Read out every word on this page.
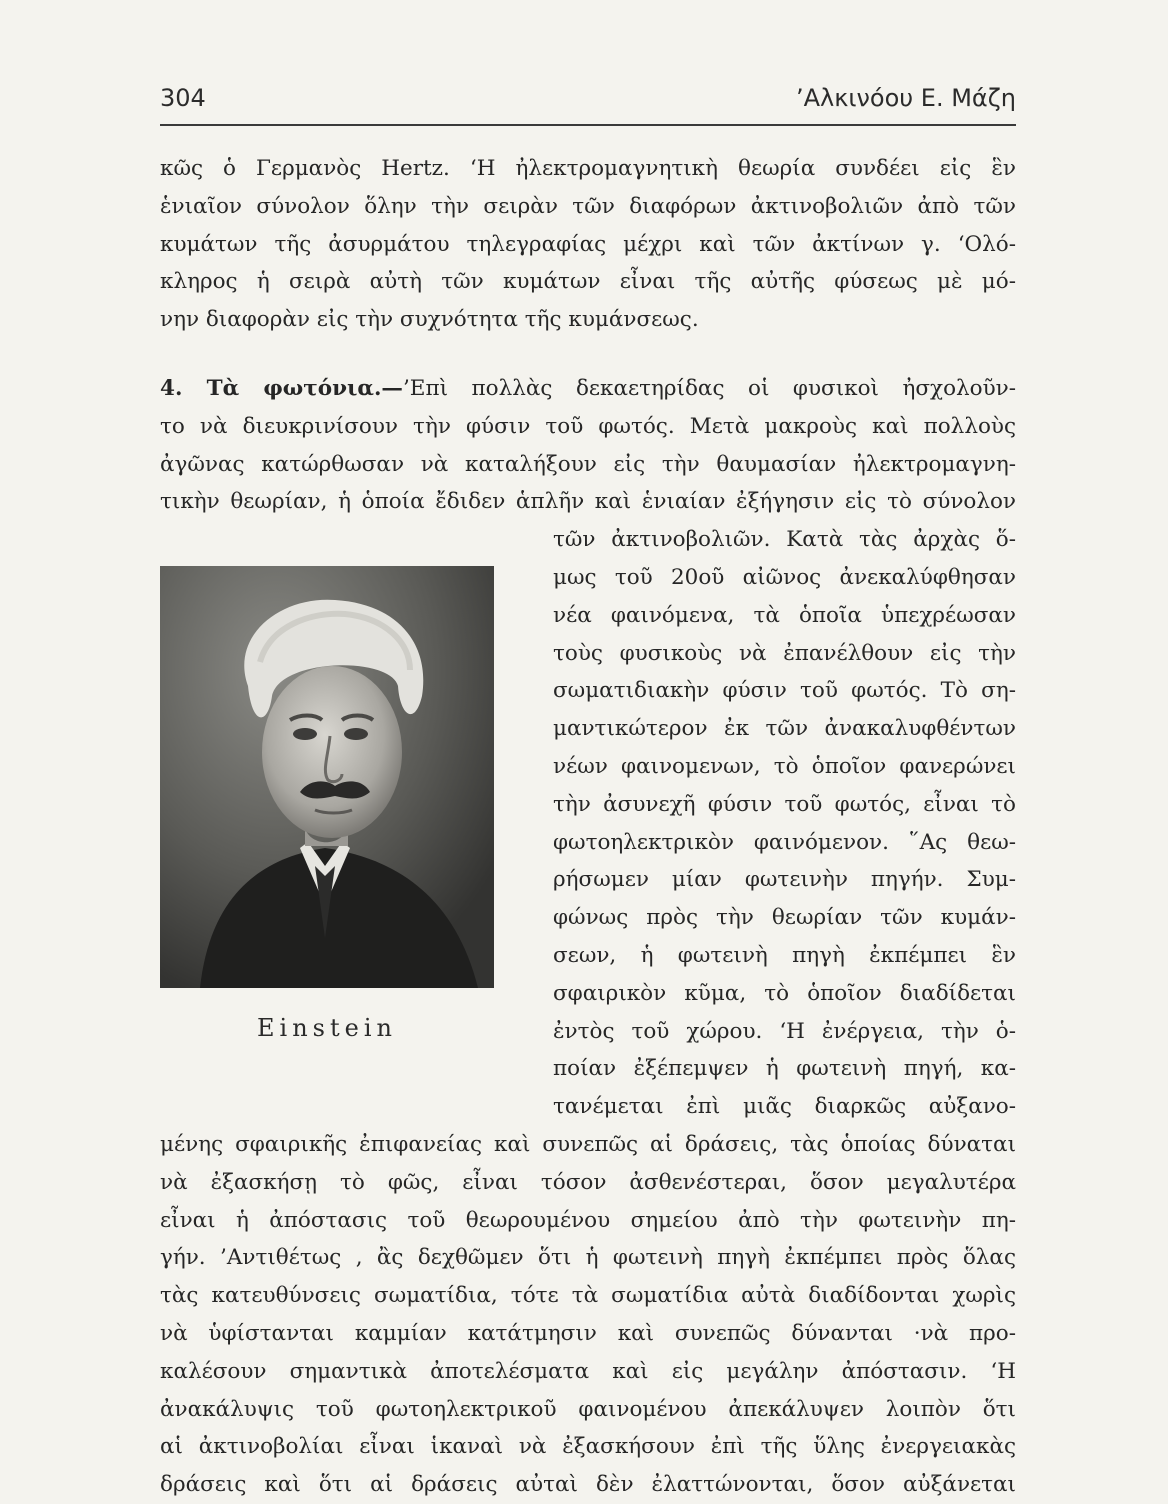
304	’Αλκινόου Ε. Μάζη
κῶς ὁ Γερμανὸς Hertz. ‘Η ἠλεκτρομαγνητικὴ θεωρία συνδέει εἰς ἓν
ἑνιαῖον σύνολον ὅλην τὴν σειρὰν τῶν διαφόρων ἀκτινοβολιῶν ἀπὸ τῶν
κυμάτων τῆς ἀσυρμάτου τηλεγραφίας μέχρι καὶ τῶν ἀκτίνων γ. ‘Ολό-
κληρος ἡ σειρὰ αὐτὴ τῶν κυμάτων εἶναι τῆς αὐτῆς φύσεως μὲ μό-
νην διαφορὰν εἰς τὴν συχνότητα τῆς κυμάνσεως.
4. Τὰ φωτόνια.—’Επὶ πολλὰς δεκαετηρίδας οἱ φυσικοὶ ἠσχολοῦν-
το νὰ διευκρινίσουν τὴν φύσιν τοῦ φωτός. Μετὰ μακροὺς καὶ πολλοὺς
ἀγῶνας κατώρθωσαν νὰ καταλήξουν εἰς τὴν θαυμασίαν ἠλεκτρομαγνη-
τικὴν θεωρίαν, ἡ ὁποία ἔδιδεν ἁπλῆν καὶ ἑνιαίαν ἐξήγησιν εἰς τὸ σύνολον
τῶν ἀκτινοβολιῶν. Κατὰ τὰς ἀρχὰς ὅ-
μως τοῦ 20οῦ αἰῶνος ἀνεκαλύφθησαν
νέα φαινόμενα, τὰ ὁποῖα ὑπεχρέωσαν
τοὺς φυσικοὺς νὰ ἐπανέλθουν εἰς τὴν
σωματιδιακὴν φύσιν τοῦ φωτός. Τὸ ση-
μαντικώτερον ἐκ τῶν ἀνακαλυφθέντων
νέων φαινομενων, τὸ ὁποῖον φανερώνει
τὴν ἀσυνεχῆ φύσιν τοῦ φωτός, εἶναι τὸ
φωτοηλεκτρικὸν φαινόμενον. ῞Ας θεω-
ρήσωμεν μίαν φωτεινὴν πηγήν. Συμ-
φώνως πρὸς τὴν θεωρίαν τῶν κυμάν-
σεων, ἡ φωτεινὴ πηγὴ ἐκπέμπει ἓν
σφαιρικὸν κῦμα, τὸ ὁποῖον διαδίδεται
ἐντὸς τοῦ χώρου. ‘Η ἐνέργεια, τὴν ὁ-
ποίαν ἐξέπεμψεν ἡ φωτεινὴ πηγή, κα-
τανέμεται ἐπὶ μιᾶς διαρκῶς αὐξανο-
μένης σφαιρικῆς ἐπιφανείας καὶ συνεπῶς αἱ δράσεις, τὰς ὁποίας δύναται
νὰ ἐξασκήσῃ τὸ φῶς, εἶναι τόσον ἀσθενέστεραι, ὅσον μεγαλυτέρα
εἶναι ἡ ἀπόστασις τοῦ θεωρουμένου σημείου ἀπὸ τὴν φωτεινὴν πη-
γήν. ’Αντιθέτως , ἂς δεχθῶμεν ὅτι ἡ φωτεινὴ πηγὴ ἐκπέμπει πρὸς ὅλας
τὰς κατευθύνσεις σωματίδια, τότε τὰ σωματίδια αὐτὰ διαδίδονται χωρὶς
νὰ ὑφίστανται καμμίαν κατάτμησιν καὶ συνεπῶς δύνανται ·νὰ προ-
καλέσουν σημαντικὰ ἀποτελέσματα καὶ εἰς μεγάλην ἀπόστασιν. ‘Η
ἀνακάλυψις τοῦ φωτοηλεκτρικοῦ φαινομένου ἀπεκάλυψεν λοιπὸν ὅτι
αἱ ἀκτινοβολίαι εἶναι ἱκαναὶ νὰ ἐξασκήσουν ἐπὶ τῆς ὕλης ἐνεργειακὰς
δράσεις καὶ ὅτι αἱ δράσεις αὐταὶ δὲν ἐλαττώνονται, ὅσον αὐξάνεται
Einstein
